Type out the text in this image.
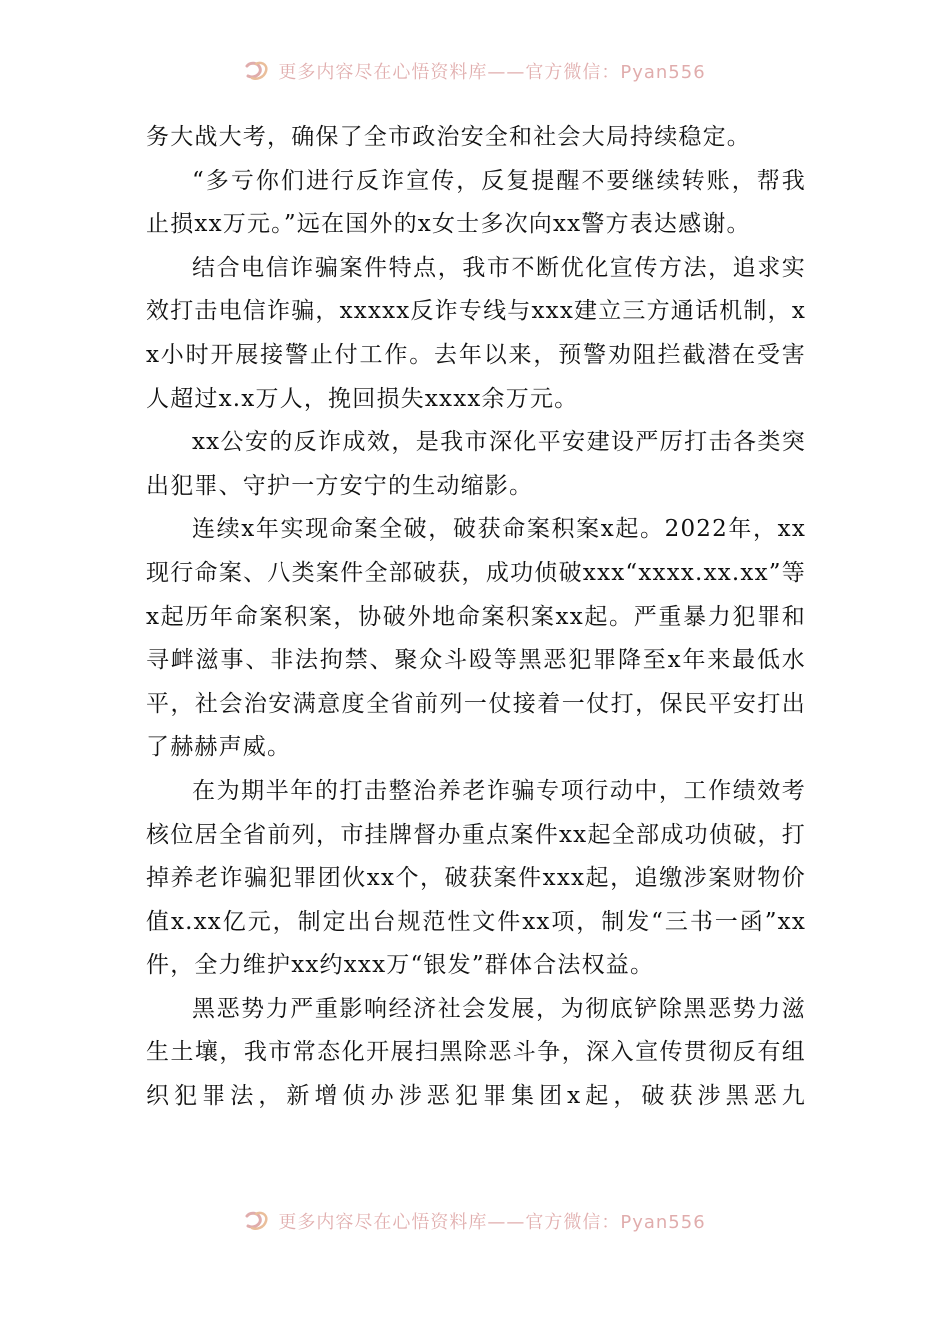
更多内容尽在心悟资料库——官方微信：Pyan556

务大战大考，确保了全市政治安全和社会大局持续稳定。

“多亏你们进行反诈宣传，反复提醒不要继续转账，帮我止损xx万元。”远在国外的x女士多次向xx警方表达感谢。

结合电信诈骗案件特点，我市不断优化宣传方法，追求实效打击电信诈骗，xxxxx反诈专线与xxx建立三方通话机制，xx小时开展接警止付工作。去年以来，预警劝阻拦截潜在受害人超过x.x万人，挽回损失xxxx余万元。

xx公安的反诈成效，是我市深化平安建设严厉打击各类突出犯罪、守护一方安宁的生动缩影。

连续x年实现命案全破，破获命案积案x起。2022年，xx现行命案、八类案件全部破获，成功侦破xxx“xxxx.xx.xx”等x起历年命案积案，协破外地命案积案xx起。严重暴力犯罪和寻衅滋事、非法拘禁、聚众斗殴等黑恶犯罪降至x年来最低水平，社会治安满意度全省前列一仗接着一仗打，保民平安打出了赫赫声威。

在为期半年的打击整治养老诈骗专项行动中，工作绩效考核位居全省前列，市挂牌督办重点案件xx起全部成功侦破，打掉养老诈骗犯罪团伙xx个，破获案件xxx起，追缴涉案财物价值x.xx亿元，制定出台规范性文件xx项，制发“三书一函”xx件，全力维护xx约xxx万“银发”群体合法权益。

黑恶势力严重影响经济社会发展，为彻底铲除黑恶势力滋生土壤，我市常态化开展扫黑除恶斗争，深入宣传贯彻反有组织犯罪法，新增侦办涉恶犯罪集团x起，破获涉黑恶九

更多内容尽在心悟资料库——官方微信：Pyan556
